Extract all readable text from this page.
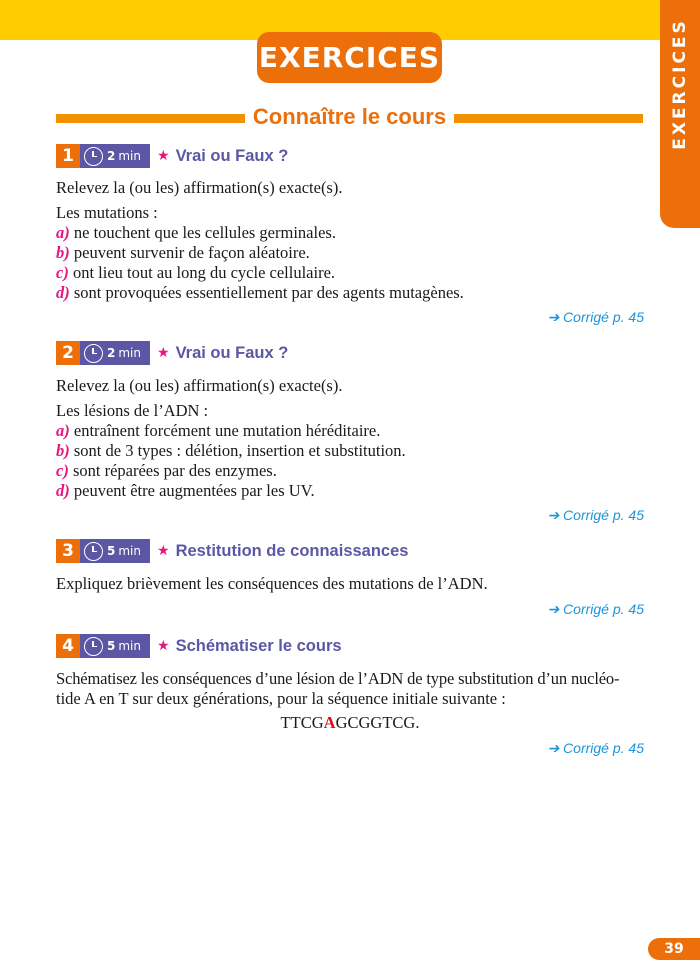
EXERCICES
EXERCICES
Connaître le cours
1	2 min ★ Vrai ou Faux ?
Relevez la (ou les) affirmation(s) exacte(s).
Les mutations :
a) ne touchent que les cellules germinales.
b) peuvent survenir de façon aléatoire.
c) ont lieu tout au long du cycle cellulaire.
d) sont provoquées essentiellement par des agents mutagènes.
➔ Corrigé p. 45
2	2 min ★ Vrai ou Faux ?
Relevez la (ou les) affirmation(s) exacte(s).
Les lésions de l’ADN :
a) entraînent forcément une mutation héréditaire.
b) sont de 3 types : délétion, insertion et substitution.
c) sont réparées par des enzymes.
d) peuvent être augmentées par les UV.
➔ Corrigé p. 45
3	5 min ★ Restitution de connaissances
Expliquez brièvement les conséquences des mutations de l’ADN.
➔ Corrigé p. 45
4	5 min ★ Schématiser le cours
Schématisez les conséquences d’une lésion de l’ADN de type substitution d’un nucléo-
tide A en T sur deux générations, pour la séquence initiale suivante :
TTCGAGCGGTCG.
➔ Corrigé p. 45
39
